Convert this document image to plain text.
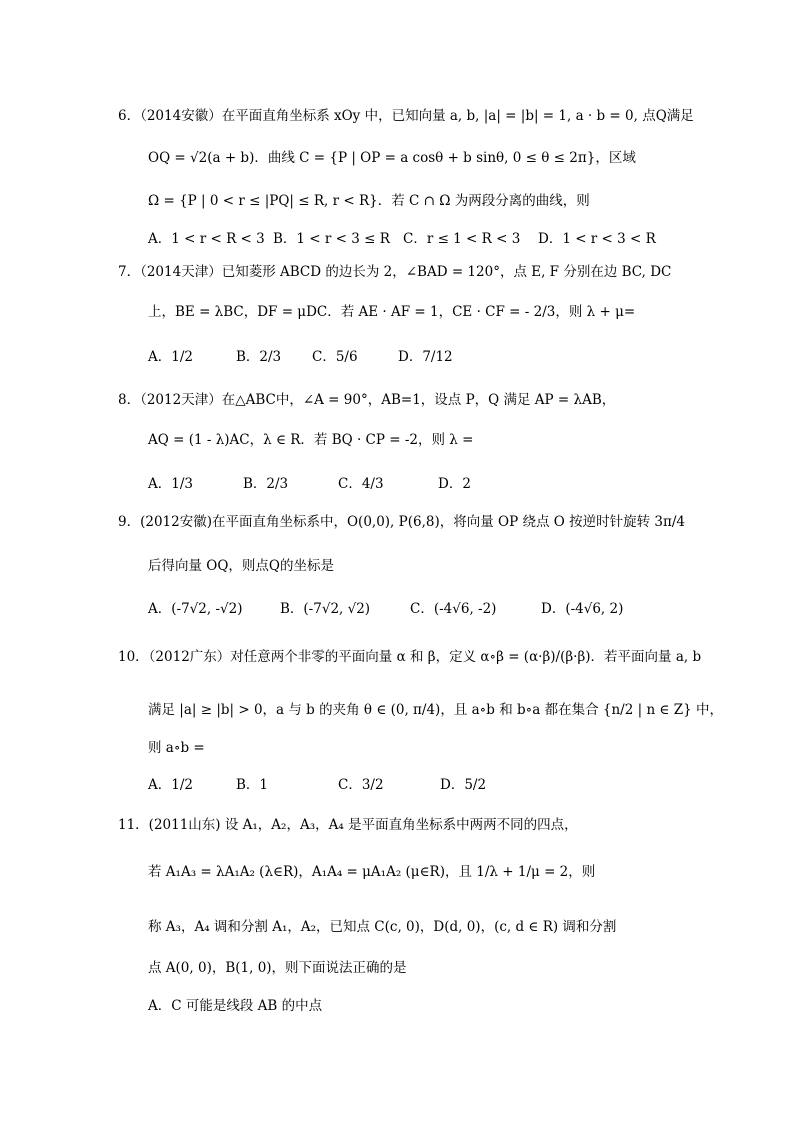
6．（2014安徽）在平面直角坐标系 xOy 中，已知向量 a, b, |a| = |b| = 1, a · b = 0, 点Q满足
OQ = √2(a + b)．曲线 C = {P | OP = a cosθ + b sinθ, 0 ≤ θ ≤ 2π}，区域
Ω = {P | 0 < r ≤ |PQ| ≤ R, r < R}．若 C ∩ Ω 为两段分离的曲线，则
A．1 < r < R < 3 B．1 < r < 3 ≤ R C．r ≤ 1 < R < 3 D．1 < r < 3 < R
7．（2014天津）已知菱形 ABCD 的边长为 2，∠BAD = 120°，点 E, F 分别在边 BC, DC
上，BE = λBC，DF = μDC．若 AE · AF = 1，CE · CF = - 2/3，则 λ + μ=
A．1/2	B．2/3 C．5/6	D．7/12
8．（2012天津）在△ABC中，∠A = 90°，AB=1，设点 P，Q 满足 AP = λAB，
AQ = (1 - λ)AC，λ ∈ R．若 BQ · CP = -2，则 λ =
A．1/3	B．2/3	C．4/3	D．2
9．(2012安徽)在平面直角坐标系中，O(0,0), P(6,8)，将向量 OP 绕点 O 按逆时针旋转 3π/4
后得向量 OQ，则点Q的坐标是
A．(-7√2, -√2)	B．(-7√2, √2)	C．(-4√6, -2)	D．(-4√6, 2)
10．（2012广东）对任意两个非零的平面向量 α 和 β，定义 α∘β = (α·β)/(β·β)．若平面向量 a, b
满足 |a| ≥ |b| > 0，a 与 b 的夹角 θ ∈ (0, π/4)，且 a∘b 和 b∘a 都在集合 {n/2 | n ∈ Z} 中，
则 a∘b =
A．1/2	B．1	C．3/2	D．5/2
11．(2011山东) 设 A₁，A₂，A₃，A₄ 是平面直角坐标系中两两不同的四点，
若 A₁A₃ = λA₁A₂ (λ∈R)，A₁A₄ = μA₁A₂ (μ∈R)，且 1/λ + 1/μ = 2，则
称 A₃，A₄ 调和分割 A₁，A₂，已知点 C(c, 0)，D(d, 0)，(c, d ∈ R) 调和分割
点 A(0, 0)，B(1, 0)，则下面说法正确的是
A．C 可能是线段 AB 的中点
